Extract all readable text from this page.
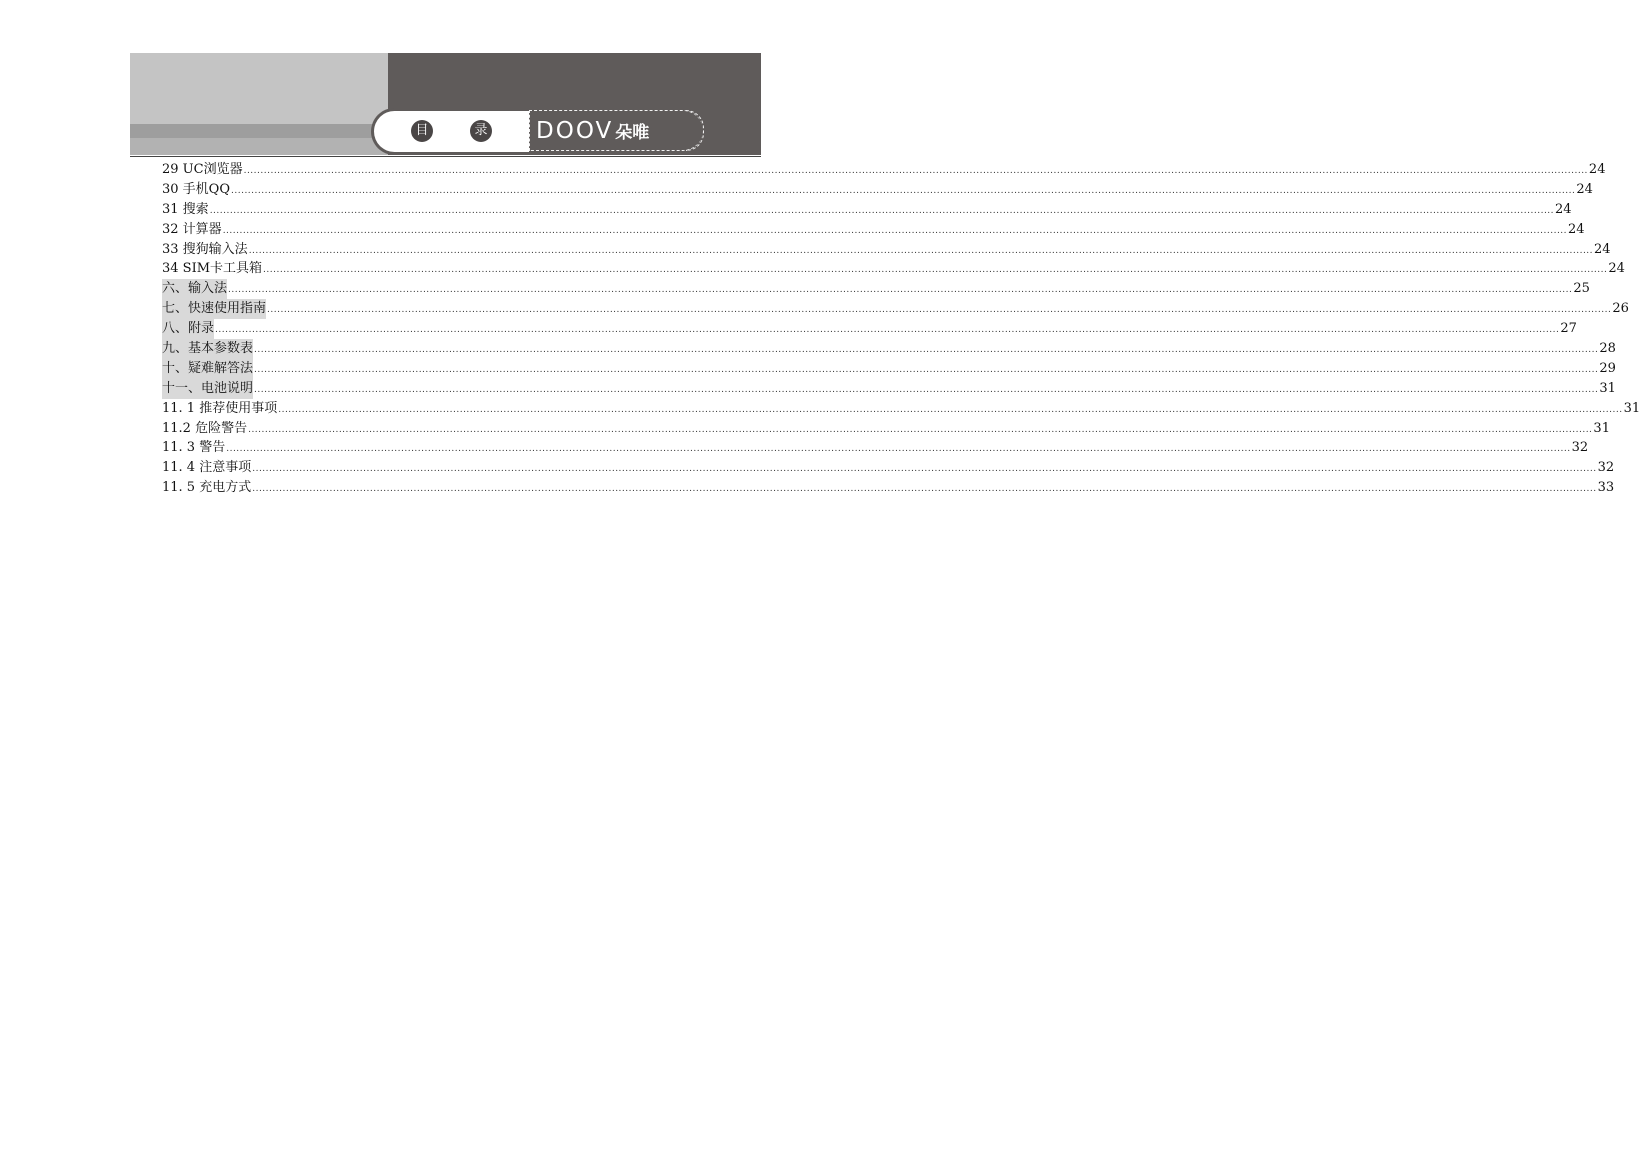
目	录 DOOV 朵唯
29 UC浏览器 ................................................................................................................................................................................................................................................................................................................................................................................................................ 24
30 手机QQ ................................................................................................................................................................................................................................................................................................................................................................................................................ 24
31 搜索 ................................................................................................................................................................................................................................................................................................................................................................................................................ 24
32 计算器 ................................................................................................................................................................................................................................................................................................................................................................................................................ 24
33 搜狗输入法 ................................................................................................................................................................................................................................................................................................................................................................................................................ 24
34 SIM卡工具箱 ................................................................................................................................................................................................................................................................................................................................................................................................................ 24
六、输入法 ................................................................................................................................................................................................................................................................................................................................................................................................................ 25
七、快速使用指南 ................................................................................................................................................................................................................................................................................................................................................................................................................ 26
八、附录 ................................................................................................................................................................................................................................................................................................................................................................................................................ 27
九、基本参数表 ................................................................................................................................................................................................................................................................................................................................................................................................................ 28
十、疑难解答法 ................................................................................................................................................................................................................................................................................................................................................................................................................ 29
十一、电池说明 ................................................................................................................................................................................................................................................................................................................................................................................................................ 31
11. 1 推荐使用事项 ................................................................................................................................................................................................................................................................................................................................................................................................................ 31
11.2 危险警告 ................................................................................................................................................................................................................................................................................................................................................................................................................ 31
11. 3 警告 ................................................................................................................................................................................................................................................................................................................................................................................................................ 32
11. 4 注意事项 ................................................................................................................................................................................................................................................................................................................................................................................................................ 32
11. 5 充电方式 ................................................................................................................................................................................................................................................................................................................................................................................................................ 33
